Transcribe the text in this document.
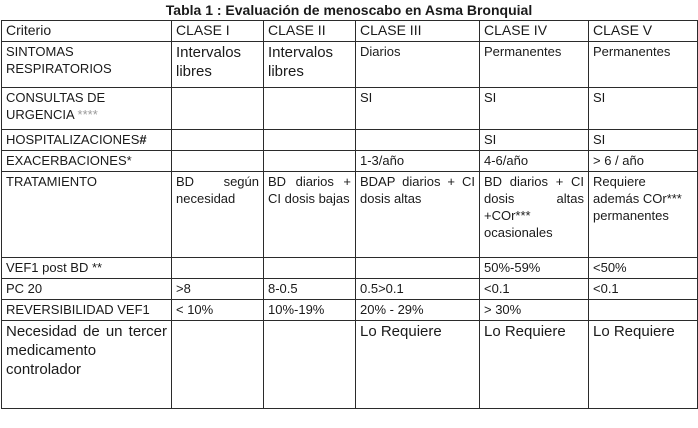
Tabla 1 : Evaluación de menoscabo en Asma Bronquial
Criterio	CLASE I	CLASE II	CLASE III	CLASE IV	CLASE V
SINTOMAS RESPIRATORIOS	Intervalos libres	Intervalos libres	Diarios	Permanentes	Permanentes
CONSULTAS DE URGENCIA ****			SI	SI	SI
HOSPITALIZACIONES#				SI	SI
EXACERBACIONES*			1-3/año	4-6/año	> 6 / año
TRATAMIENTO	BD según necesidad	BD diarios + CI dosis bajas	BDAP diarios + CI dosis altas	BD diarios + CI dosis altas +COr*** ocasionales	Requiere además COr*** permanentes
VEF1 post BD **				50%-59%	<50%
PC 20	>8	8-0.5	0.5>0.1	<0.1	<0.1
REVERSIBILIDAD VEF1	< 10%	10%-19%	20% - 29%	> 30%	
Necesidad de un tercer medicamento controlador			Lo Requiere	Lo Requiere	Lo Requiere
